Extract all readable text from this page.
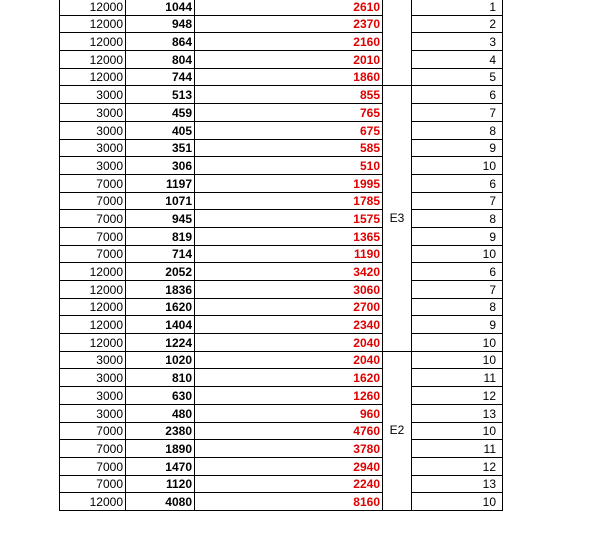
12000	1044	2610		1
12000	948	2370		2
12000	864	2160		3
12000	804	2010		4
12000	744	1860		5
3000	513	855	E3	6
3000	459	765		7
3000	405	675		8
3000	351	585		9
3000	306	510		10
7000	1197	1995		6
7000	1071	1785		7
7000	945	1575		8
7000	819	1365		9
7000	714	1190		10
12000	2052	3420		6
12000	1836	3060		7
12000	1620	2700		8
12000	1404	2340		9
12000	1224	2040		10
3000	1020	2040	E2	10
3000	810	1620		11
3000	630	1260		12
3000	480	960		13
7000	2380	4760		10
7000	1890	3780		11
7000	1470	2940		12
7000	1120	2240		13
12000	4080	8160		10
